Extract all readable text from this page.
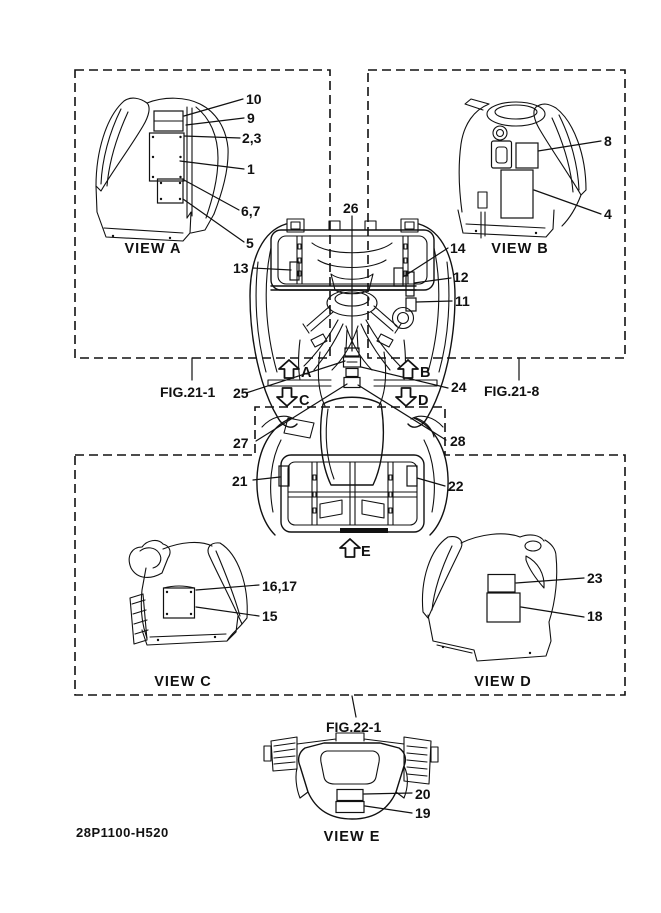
10
9
2,3
1
6,7
5
VIEW A
8
4
VIEW B
26
13
14
12
11
25	24
27	28
21	22
A	B
C	D
E
FIG.21-1	FIG.21-8
FIG.22-1
16,17
15
VIEW C
23
18
VIEW D
20
19
VIEW E
28P1100-H520
